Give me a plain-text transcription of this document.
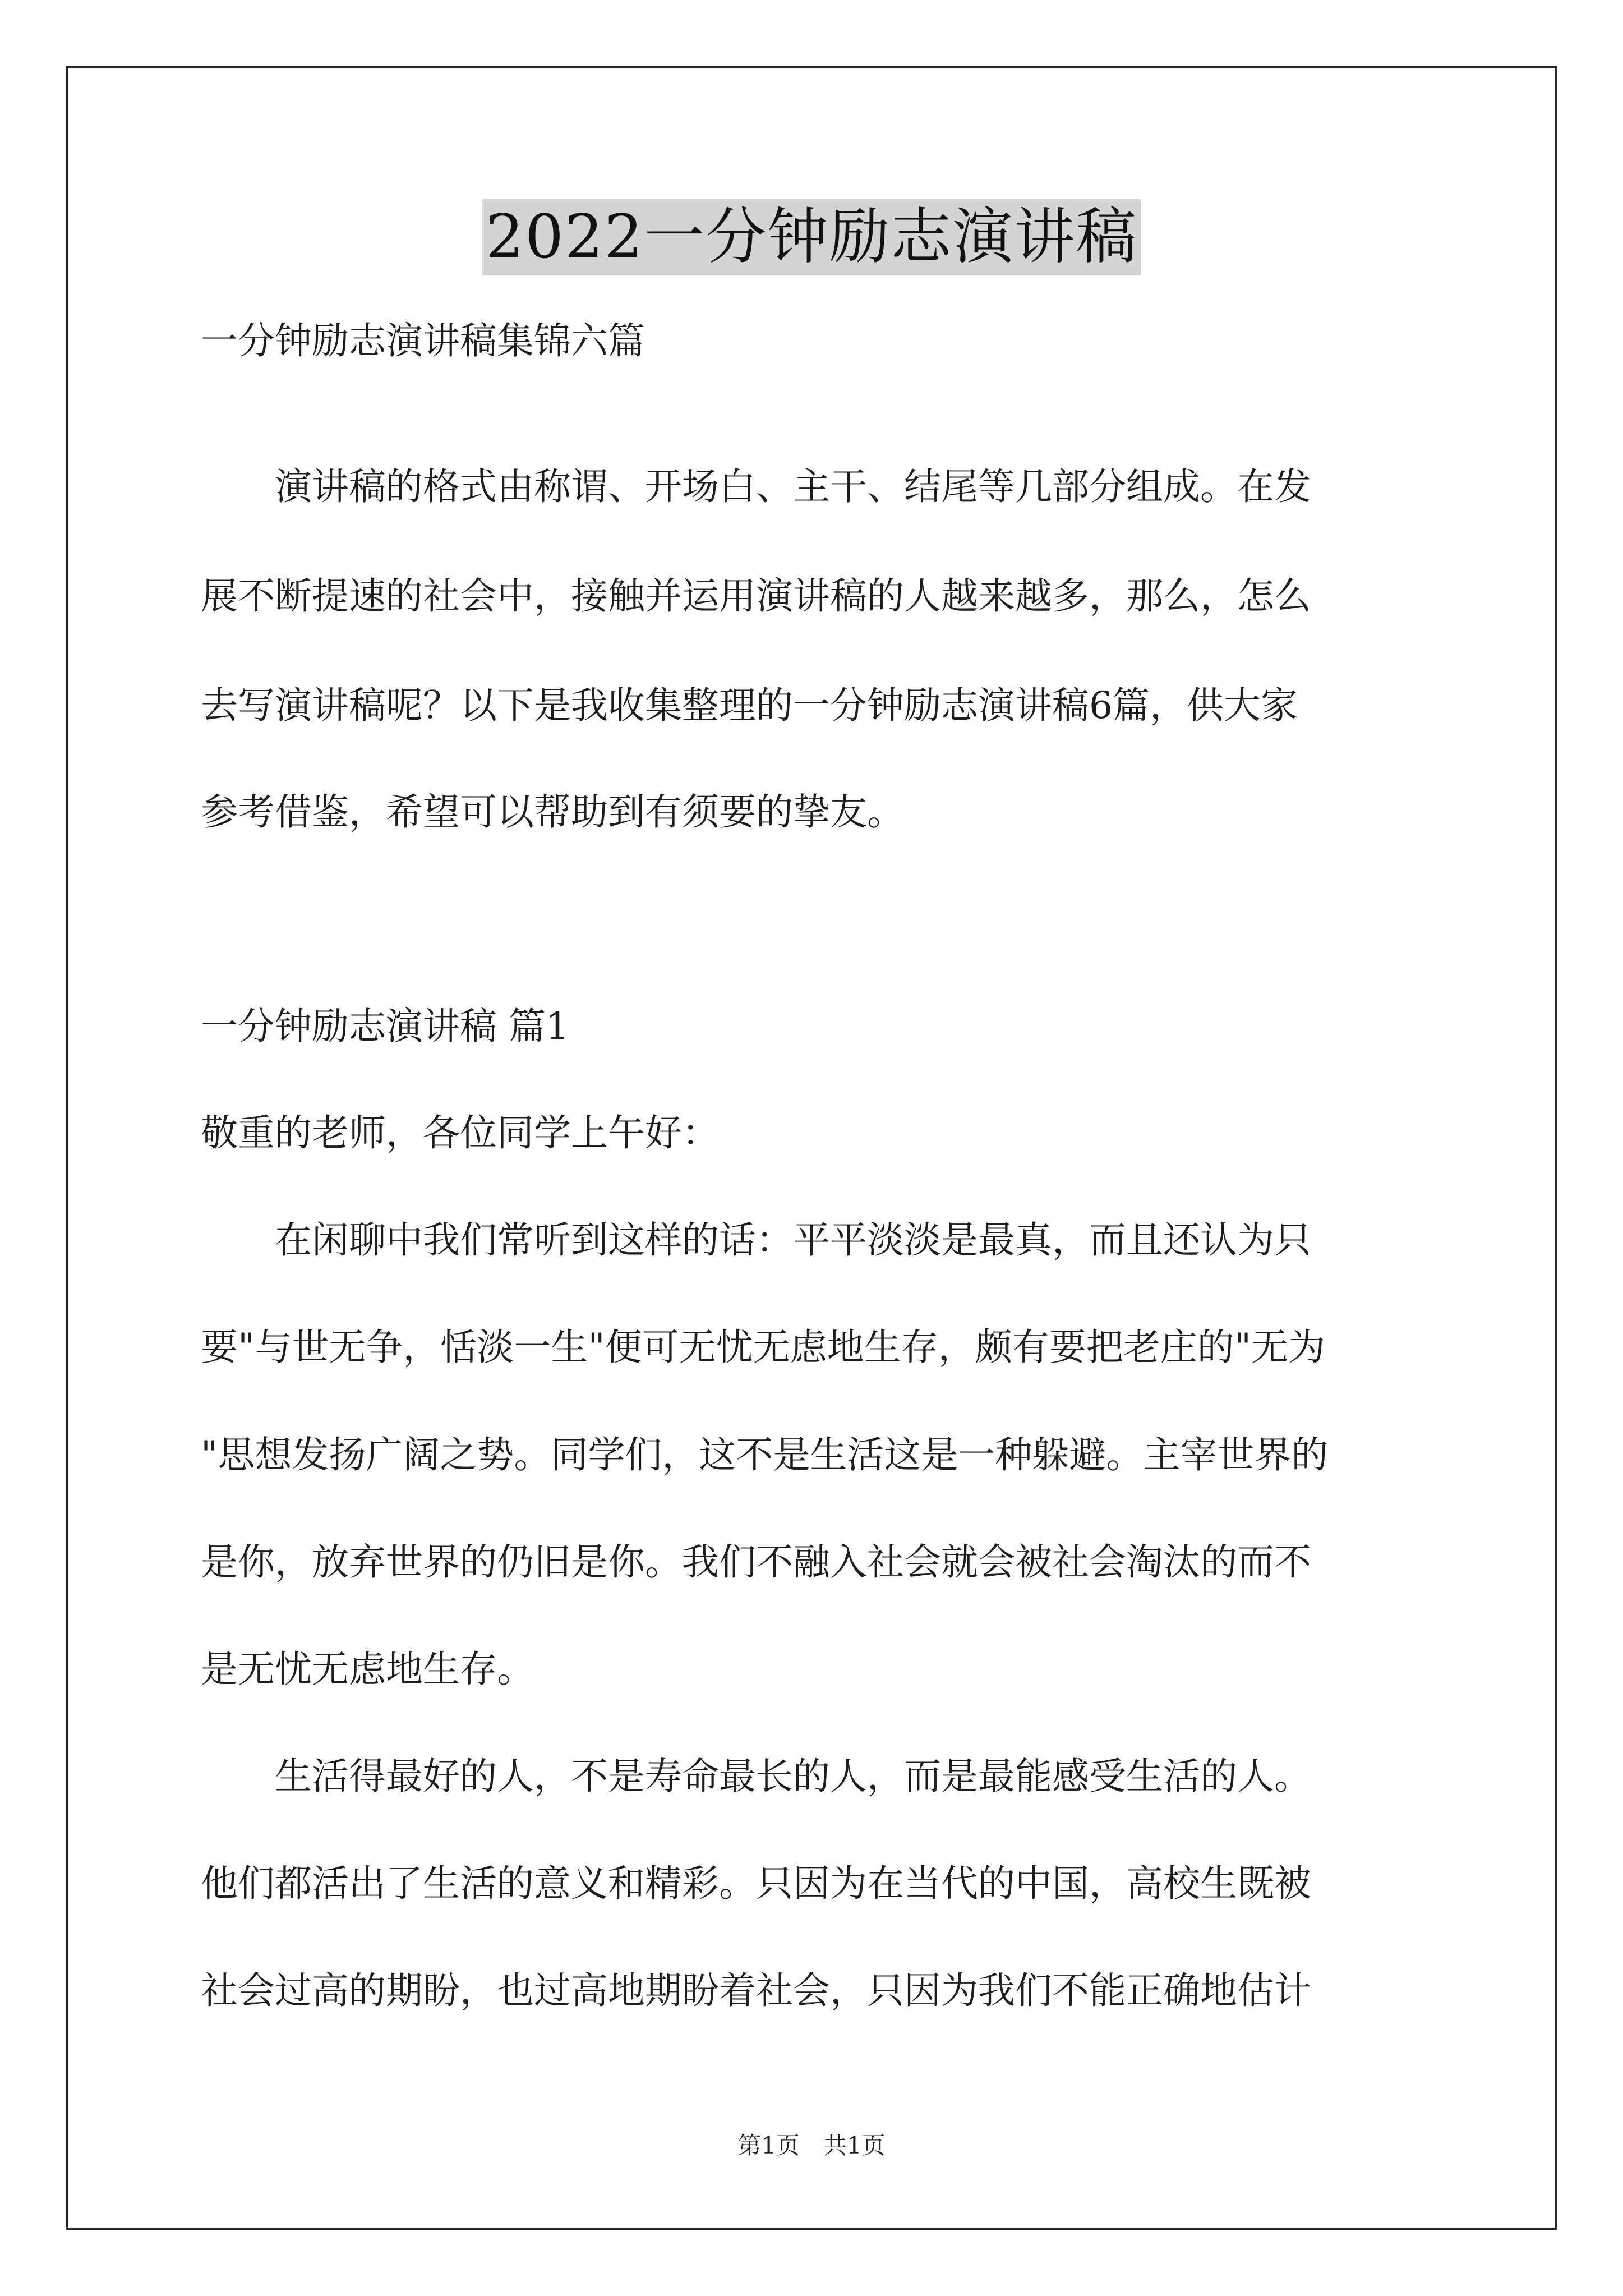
2022一分钟励志演讲稿
一分钟励志演讲稿集锦六篇
　　演讲稿的格式由称谓、开场白、主干、结尾等几部分组成。在发
展不断提速的社会中，接触并运用演讲稿的人越来越多，那么，怎么
去写演讲稿呢？以下是我收集整理的一分钟励志演讲稿6篇，供大家
参考借鉴，希望可以帮助到有须要的挚友。
一分钟励志演讲稿 篇1
敬重的老师，各位同学上午好：
　　在闲聊中我们常听到这样的话：平平淡淡是最真，而且还认为只
要"与世无争，恬淡一生"便可无忧无虑地生存，颇有要把老庄的"无为
"思想发扬广阔之势。同学们，这不是生活这是一种躲避。主宰世界的
是你，放弃世界的仍旧是你。我们不融入社会就会被社会淘汰的而不
是无忧无虑地生存。
　　生活得最好的人，不是寿命最长的人，而是最能感受生活的人。
他们都活出了生活的意义和精彩。只因为在当代的中国，高校生既被
社会过高的期盼，也过高地期盼着社会，只因为我们不能正确地估计
第1页　共1页
